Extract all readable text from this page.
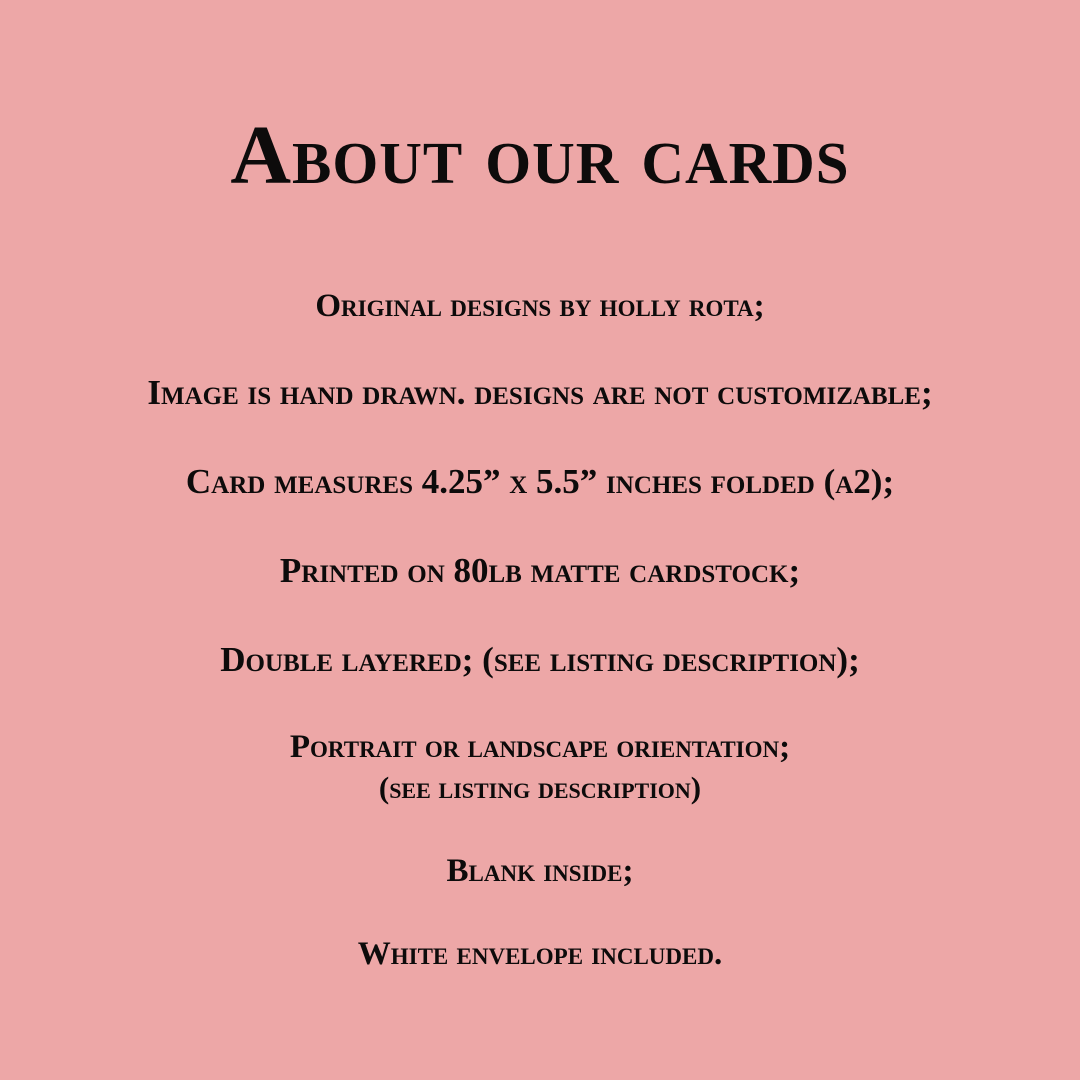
About our cards
Original designs by holly rota;
Image is hand drawn. designs are not customizable;
Card measures 4.25” x 5.5” inches folded (a2);
Printed on 80lb matte cardstock;
Double layered; (see listing description);
Portrait or landscape orientation;
(see listing description)
Blank inside;
White envelope included.
